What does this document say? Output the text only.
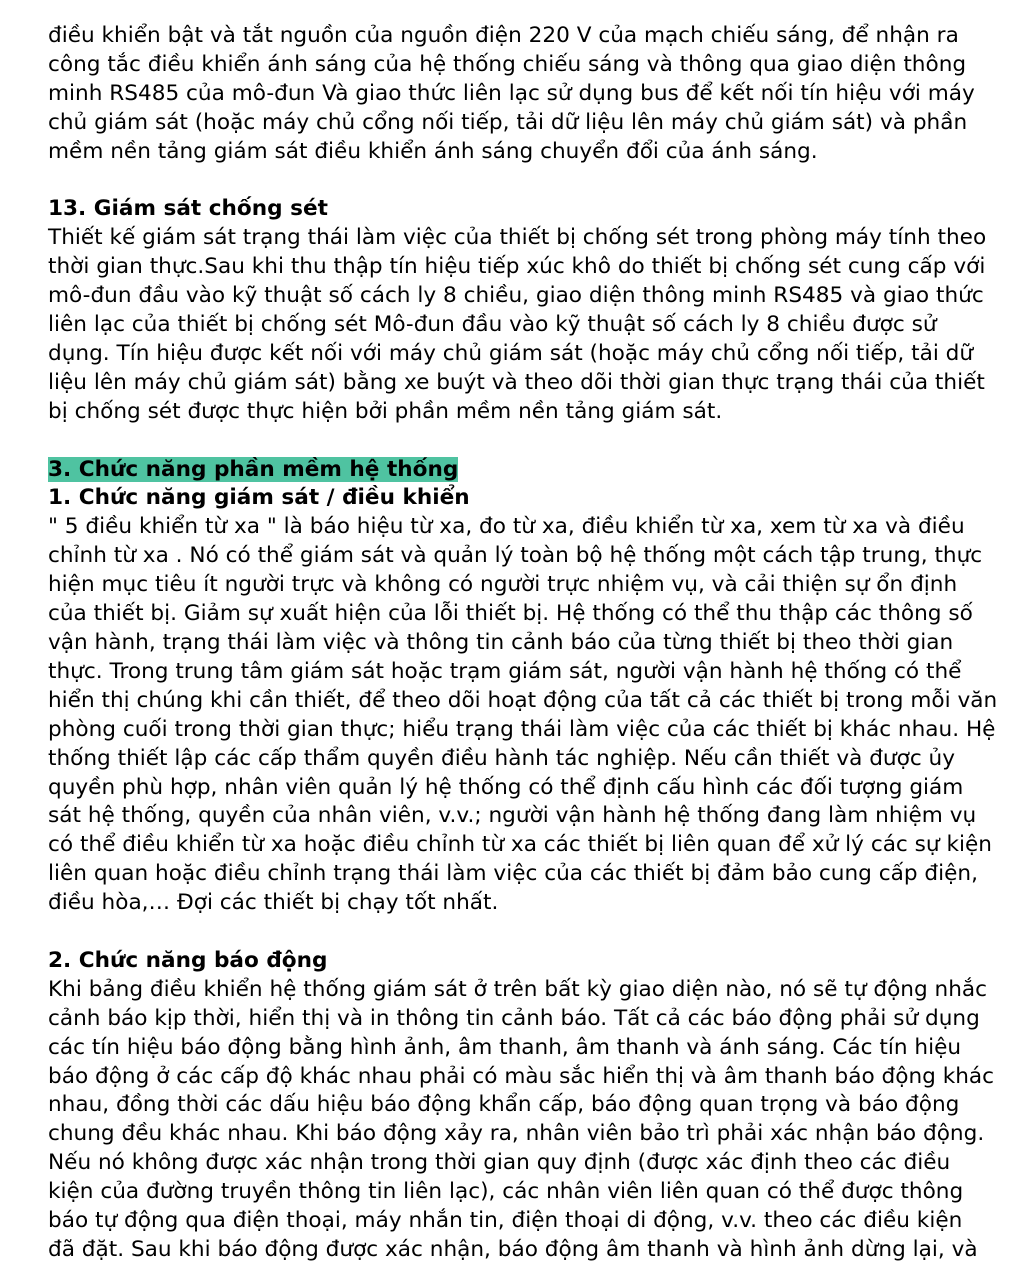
điều khiển bật và tắt nguồn của nguồn điện 220 V của mạch chiếu sáng, để nhận ra
công tắc điều khiển ánh sáng của hệ thống chiếu sáng và thông qua giao diện thông
minh RS485 của mô-đun Và giao thức liên lạc sử dụng bus để kết nối tín hiệu với máy
chủ giám sát (hoặc máy chủ cổng nối tiếp, tải dữ liệu lên máy chủ giám sát) và phần
mềm nền tảng giám sát điều khiển ánh sáng chuyển đổi của ánh sáng.
13. Giám sát chống sét
Thiết kế giám sát trạng thái làm việc của thiết bị chống sét trong phòng máy tính theo
thời gian thực.Sau khi thu thập tín hiệu tiếp xúc khô do thiết bị chống sét cung cấp với
mô-đun đầu vào kỹ thuật số cách ly 8 chiều, giao diện thông minh RS485 và giao thức
liên lạc của thiết bị chống sét Mô-đun đầu vào kỹ thuật số cách ly 8 chiều được sử
dụng. Tín hiệu được kết nối với máy chủ giám sát (hoặc máy chủ cổng nối tiếp, tải dữ
liệu lên máy chủ giám sát) bằng xe buýt và theo dõi thời gian thực trạng thái của thiết
bị chống sét được thực hiện bởi phần mềm nền tảng giám sát.
3. Chức năng phần mềm hệ thống
1. Chức năng giám sát / điều khiển
" 5 điều khiển từ xa " là báo hiệu từ xa, đo từ xa, điều khiển từ xa, xem từ xa và điều
chỉnh từ xa . Nó có thể giám sát và quản lý toàn bộ hệ thống một cách tập trung, thực
hiện mục tiêu ít người trực và không có người trực nhiệm vụ, và cải thiện sự ổn định
của thiết bị. Giảm sự xuất hiện của lỗi thiết bị. Hệ thống có thể thu thập các thông số
vận hành, trạng thái làm việc và thông tin cảnh báo của từng thiết bị theo thời gian
thực. Trong trung tâm giám sát hoặc trạm giám sát, người vận hành hệ thống có thể
hiển thị chúng khi cần thiết, để theo dõi hoạt động của tất cả các thiết bị trong mỗi văn
phòng cuối trong thời gian thực; hiểu trạng thái làm việc của các thiết bị khác nhau. Hệ
thống thiết lập các cấp thẩm quyền điều hành tác nghiệp. Nếu cần thiết và được ủy
quyền phù hợp, nhân viên quản lý hệ thống có thể định cấu hình các đối tượng giám
sát hệ thống, quyền của nhân viên, v.v.; người vận hành hệ thống đang làm nhiệm vụ
có thể điều khiển từ xa hoặc điều chỉnh từ xa các thiết bị liên quan để xử lý các sự kiện
liên quan hoặc điều chỉnh trạng thái làm việc của các thiết bị đảm bảo cung cấp điện,
điều hòa,… Đợi các thiết bị chạy tốt nhất.
2. Chức năng báo động
Khi bảng điều khiển hệ thống giám sát ở trên bất kỳ giao diện nào, nó sẽ tự động nhắc
cảnh báo kịp thời, hiển thị và in thông tin cảnh báo. Tất cả các báo động phải sử dụng
các tín hiệu báo động bằng hình ảnh, âm thanh, âm thanh và ánh sáng. Các tín hiệu
báo động ở các cấp độ khác nhau phải có màu sắc hiển thị và âm thanh báo động khác
nhau, đồng thời các dấu hiệu báo động khẩn cấp, báo động quan trọng và báo động
chung đều khác nhau. Khi báo động xảy ra, nhân viên bảo trì phải xác nhận báo động.
Nếu nó không được xác nhận trong thời gian quy định (được xác định theo các điều
kiện của đường truyền thông tin liên lạc), các nhân viên liên quan có thể được thông
báo tự động qua điện thoại, máy nhắn tin, điện thoại di động, v.v. theo các điều kiện
đã đặt. Sau khi báo động được xác nhận, báo động âm thanh và hình ảnh dừng lại, và
